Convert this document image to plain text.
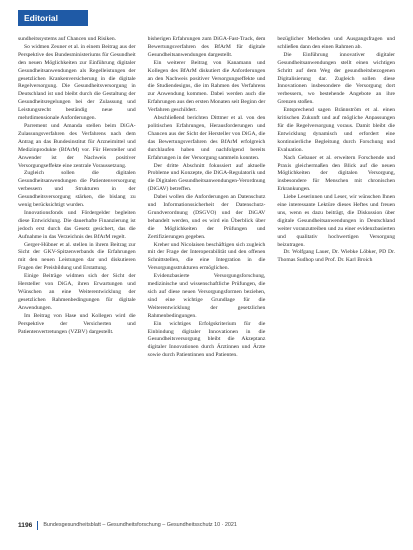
Editorial

sundheitssystems auf Chancen und Risiken.

So widmen Zeuner et al. in einem Beitrag aus der Perspektive des Bundesministeriums für Gesundheit den neuen Möglichkeiten zur Einführung digitaler Gesundheitsanwendungen als Regelleistungen der gesetzlichen Krankenversicherung in die digitale Regelversorgung. Die Gesundheitsversorgung in Deutschland ist und bleibt durch die Gestaltung der Gesundheitsregelungen bei der Zulassung und Leistungsrecht beständig neue und mehrdimensionale Anforderungen.

Parrement und Amanda stellen beim DiGA-Zulassungsverfahren des Verfahrens nach dem Antrag an das Bundesinstitut für Arzneimittel und Medizinprodukte (BfArM) vor. Für Hersteller und Anwender ist der Nachweis positiver Versorgungseffekte eine zentrale Voraussetzung.

Zugleich sollen die digitalen Gesundheitsanwendungen die Patientenversorgung verbessern und Strukturen in der Gesundheitsversorgung stärken, die bislang zu wenig berücksichtigt wurden.

Innovationsfonds und Fördergelder begleiten diese Entwicklung. Die dauerhafte Finanzierung ist jedoch erst durch das Gesetz gesichert, das die Aufnahme in das Verzeichnis des BfArM regelt.

Gerger-Hübner et al. stellen in ihrem Beitrag zur Sicht der GKV-Spitzenverbands die Erfahrungen mit den neuen Leistungen dar und diskutieren Fragen der Preisbildung und Erstattung.

Einige Beiträge widmen sich der Sicht der Hersteller von DiGA, ihren Erwartungen und Wünschen an eine Weiterentwicklung der gesetzlichen Rahmenbedingungen für digitale Anwendungen.

Im Beitrag von Hase und Kollegen wird die Perspektive der Versicherten und Patientenvertretungen (VZBV) dargestellt.

bisherigen Erfahrungen zum DiGA-Fast-Track, dem Bewertungsverfahren des BfArM für digitale Gesundheitsanwendungen dargestellt.

Ein weiterer Beitrag von Kanamann und Kollegen des BfArM diskutiert die Anforderungen an den Nachweis positiver Versorgungseffekte und die Studiendesigns, die im Rahmen des Verfahrens zur Anwendung kommen. Dabei werden auch die Erfahrungen aus den ersten Monaten seit Beginn der Verfahren geschildert.

Abschließend berichten Dittmer et al. von den politischen Erfahrungen, Herausforderungen und Chancen aus der Sicht der Hersteller von DiGA, die das Bewertungsverfahren des BfArM erfolgreich durchlaufen haben und nachfolgend bereits Erfahrungen in der Versorgung sammeln konnten.

Der dritte Abschnitt fokussiert auf aktuelle Probleme und Konzepte, die DiGA-Regulatorik und die Digitalen Gesundheitsanwendungen-Verordnung (DiGAV) betreffen.

Dabei wollen die Anforderungen an Datenschutz und Informationssicherheit der Datenschutz-Grundverordnung (DSGVO) und der DiGAV behandelt werden, und es wird ein Überblick über die Möglichkeiten der Prüfungen und Zertifizierungen gegeben.

Kreher und Nicolaisen beschäftigen sich zugleich mit der Frage der Interoperabilität und den offenen Schnittstellen, die eine Integration in die Versorgungsstrukturen ermöglichen.

Evidenzbasierte Versorgungsforschung, medizinische und wissenschaftliche Prüfungen, die sich auf diese neuen Versorgungsformen beziehen, sind eine wichtige Grundlage für die Weiterentwicklung der gesetzlichen Rahmenbedingungen.

Ein wichtiges Erfolgskriterium für die Einbindung digitaler Innovationen in die Gesundheitsversorgung bleibt die Akzeptanz digitaler Innovationen durch Ärztinnen und Ärzte sowie durch Patientinnen und Patienten.

bezüglicher Methoden und Ausgangsfragen und schließen dann den einen Rahmen ab.

Die Einführung innovativer digitaler Gesundheitsanwendungen stellt einen wichtigen Schritt auf dem Weg der gesundheitsbezogenen Digitalisierung dar. Zugleich sollen diese Innovationen insbesondere die Versorgung dort verbessern, wo bestehende Angebote an ihre Grenzen stoßen.

Entsprechend sagen Brännström et al. einen kritischen Zukunft und auf mögliche Anpassungen für die Regelversorgung voraus. Damit bleibt die Entwicklung dynamisch und erfordert eine kontinuierliche Begleitung durch Forschung und Evaluation.

Nach Gebauer et al. erweitern Forschende und Praxis gleichermaßen den Blick auf die neuen Möglichkeiten der digitalen Versorgung, insbesondere für Menschen mit chronischen Erkrankungen.

Liebe Leserinnen und Leser, wir wünschen Ihnen eine interessante Lektüre dieses Heftes und freuen uns, wenn es dazu beiträgt, die Diskussion über digitale Gesundheitsanwendungen in Deutschland weiter voranzutreiben und zu einer evidenzbasierten und qualitativ hochwertigen Versorgung beizutragen.

Dr. Wolfgang Lauer, Dr. Wiebke Löbker, PD Dr. Thomas Sudhop und Prof. Dr. Karl Broich

1196	Bundesgesundheitsblatt – Gesundheitsforschung – Gesundheitsschutz 10 · 2021
